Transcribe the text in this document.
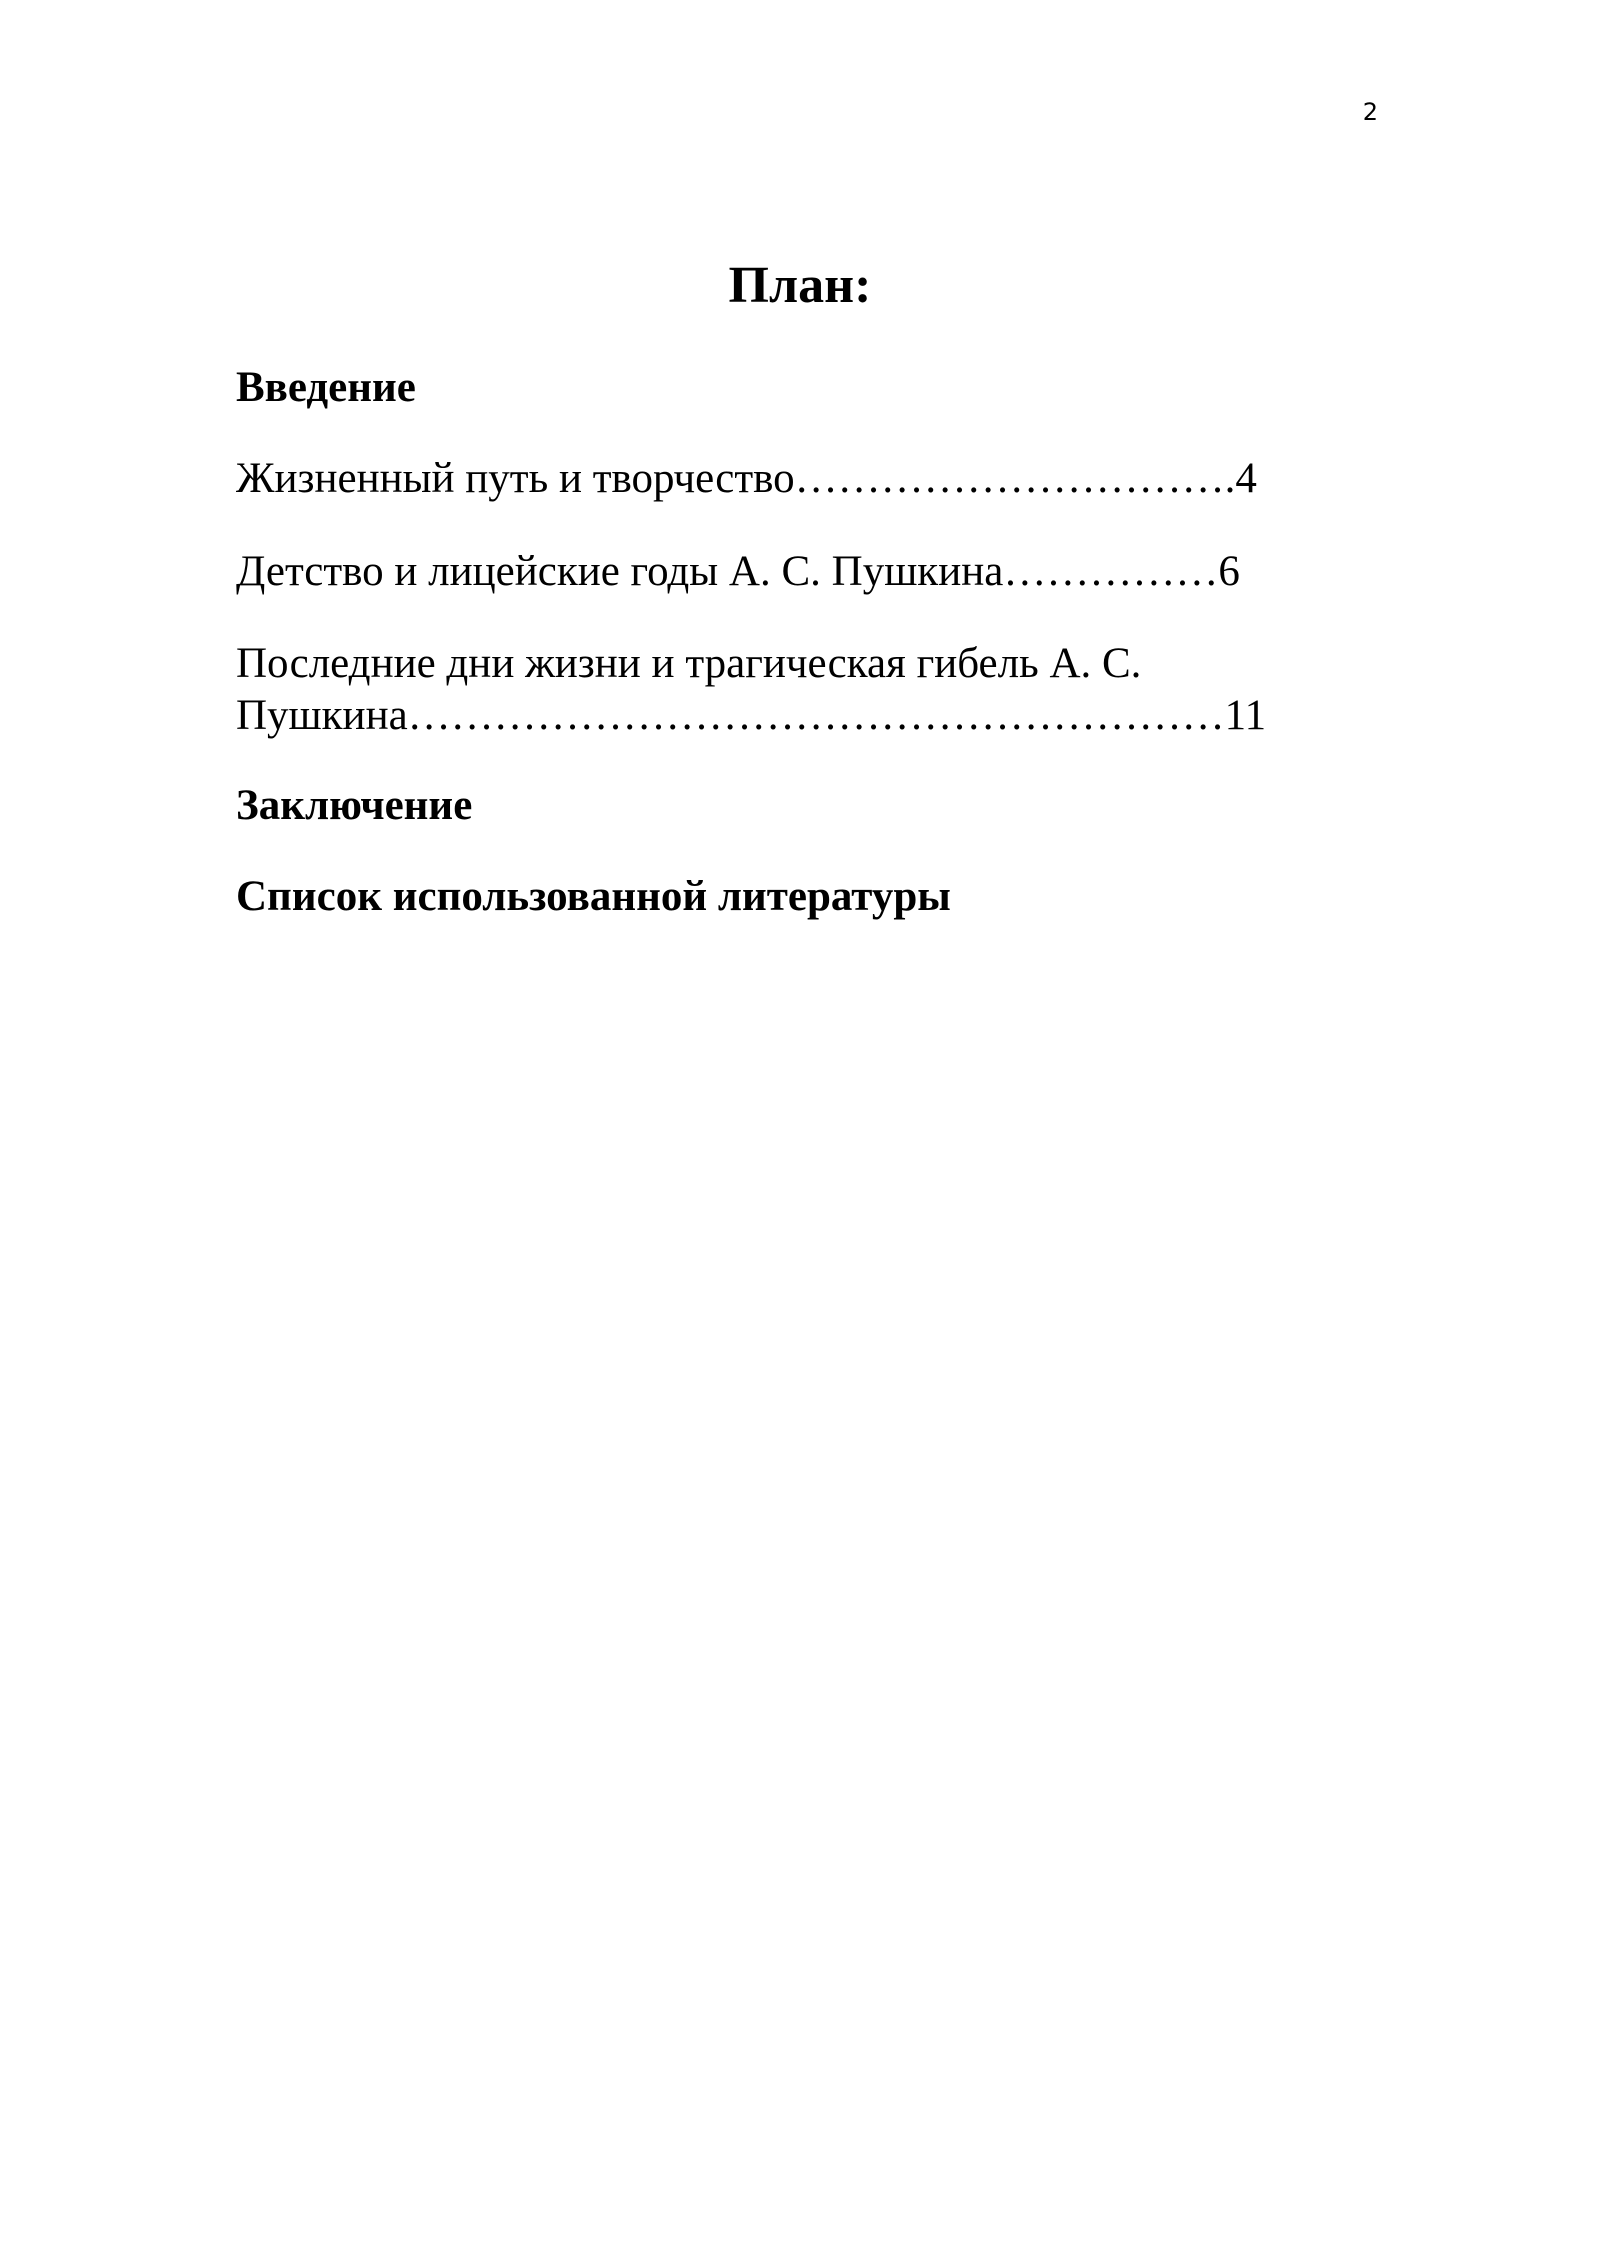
2
План:
Введение
Жизненный путь и творчество………………………….4
Детство и лицейские годы А. С. Пушкина……………6
Последние дни жизни и трагическая гибель А. С.
Пушкина…………………………………………………11
Заключение
Список использованной литературы
